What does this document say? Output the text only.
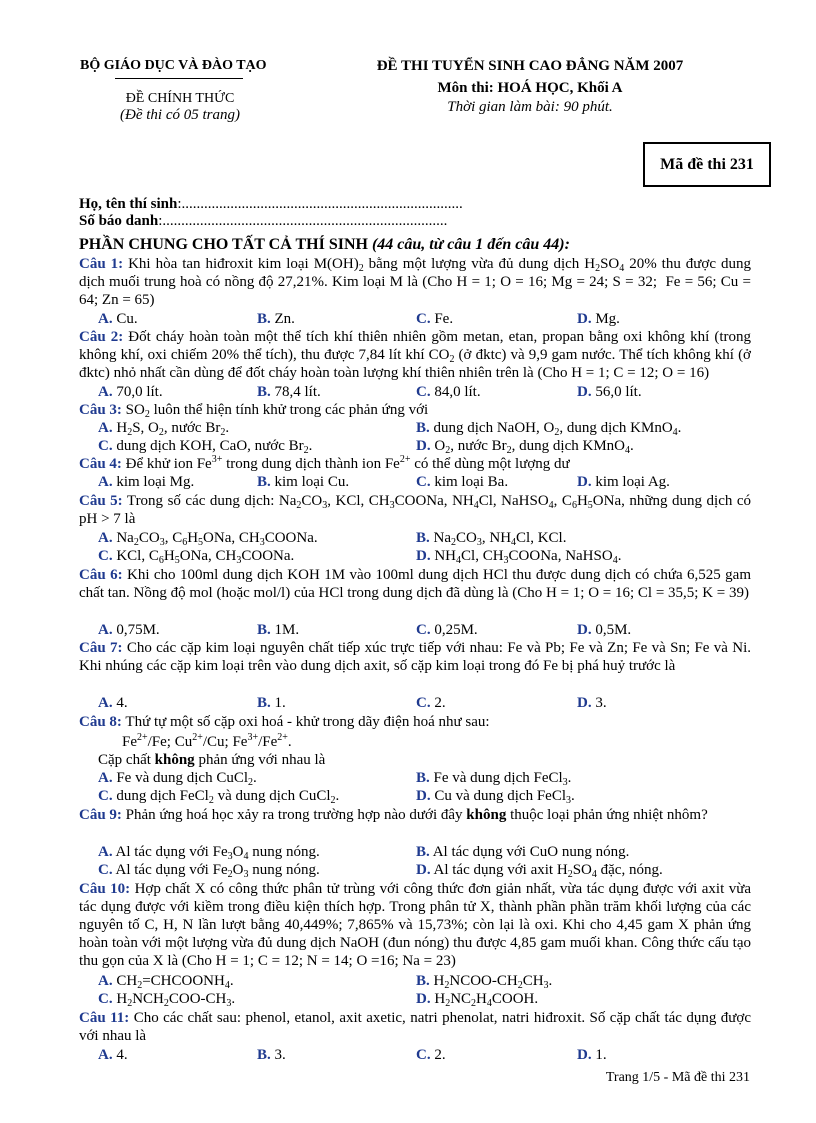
BỘ GIÁO DỤC VÀ ĐÀO TẠO
ĐỀ CHÍNH THỨC
(Đề thi có 05 trang)
ĐỀ THI TUYỂN SINH CAO ĐẲNG NĂM 2007
Môn thi: HOÁ HỌC, Khối A
Thời gian làm bài: 90 phút.
Mã đề thi 231
Họ, tên thí sinh:...........................................................................
Số báo danh:............................................................................
PHẦN CHUNG CHO TẤT CẢ THÍ SINH (44 câu, từ câu 1 đến câu 44):
Câu 1: Khi hòa tan hiđroxit kim loại $M(OH)_2$ bằng một lượng vừa đủ dung dịch $H_2SO_4$ 20% thu được dung dịch muối trung hoà có nồng độ 27,21%. Kim loại M là (Cho H = 1; O = 16; Mg = 24; S = 32;  Fe = 56; Cu = 64; Zn = 65)
A. Cu.	B. Zn.	C. Fe.	D. Mg.
Câu 2: Đốt cháy hoàn toàn một thể tích khí thiên nhiên gồm metan, etan, propan bằng oxi không khí (trong không khí, oxi chiếm 20% thể tích), thu được 7,84 lít khí $CO_2$ (ở đktc) và 9,9 gam nước. Thể tích không khí (ở đktc) nhỏ nhất cần dùng để đốt cháy hoàn toàn lượng khí thiên nhiên trên là (Cho H = 1; C = 12; O = 16)
A. 70,0 lít.	B. 78,4 lít.	C. 84,0 lít.	D. 56,0 lít.
Câu 3: $SO_2$ luôn thể hiện tính khử trong các phản ứng với
A. $H_2S$, $O_2$, nước $Br_2$.	B. dung dịch NaOH, $O_2$, dung dịch KMnO$_4$.
C. dung dịch KOH, CaO, nước $Br_2$.	D. $O_2$, nước $Br_2$, dung dịch KMnO$_4$.
Câu 4: Để khử ion $Fe^{3+}$ trong dung dịch thành ion $Fe^{2+}$ có thể dùng một lượng dư
A. kim loại Mg.	B. kim loại Cu.	C. kim loại Ba.	D. kim loại Ag.
Câu 5: Trong số các dung dịch: $Na_2CO_3$, KCl, $CH_3COONa$, $NH_4Cl$, NaHSO$_4$, $C_6H_5ONa$, những dung dịch có pH > 7 là
A. $Na_2CO_3$, $C_6H_5ONa$, $CH_3COONa$.	B. $Na_2CO_3$, $NH_4Cl$, KCl.
C. KCl, $C_6H_5ONa$, $CH_3COONa$.	D. $NH_4Cl$, $CH_3COONa$, NaHSO$_4$.
Câu 6: Khi cho 100ml dung dịch KOH 1M vào 100ml dung dịch HCl thu được dung dịch có chứa 6,525 gam chất tan. Nồng độ mol (hoặc mol/l) của HCl trong dung dịch đã dùng là (Cho H = 1; O = 16; Cl = 35,5; K = 39)
A. 0,75M.	B. 1M.	C. 0,25M.	D. 0,5M.
Câu 7: Cho các cặp kim loại nguyên chất tiếp xúc trực tiếp với nhau: Fe và Pb; Fe và Zn; Fe và Sn; Fe và Ni. Khi nhúng các cặp kim loại trên vào dung dịch axit, số cặp kim loại trong đó Fe bị phá huỷ trước là
A. 4.	B. 1.	C. 2.	D. 3.
Câu 8: Thứ tự một số cặp oxi hoá - khử trong dãy điện hoá như sau:
$Fe^{2+}/Fe$; $Cu^{2+}/Cu$; $Fe^{3+}/Fe^{2+}$.
Cặp chất không phản ứng với nhau là
A. Fe và dung dịch CuCl$_2$.	B. Fe và dung dịch FeCl$_3$.
C. dung dịch FeCl$_2$ và dung dịch CuCl$_2$.	D. Cu và dung dịch FeCl$_3$.
Câu 9: Phản ứng hoá học xảy ra trong trường hợp nào dưới đây không thuộc loại phản ứng nhiệt nhôm?
A. Al tác dụng với $Fe_3O_4$ nung nóng.	B. Al tác dụng với CuO nung nóng.
C. Al tác dụng với $Fe_2O_3$ nung nóng.	D. Al tác dụng với axit $H_2SO_4$ đặc, nóng.
Câu 10: Hợp chất X có công thức phân tử trùng với công thức đơn giản nhất, vừa tác dụng được với axit vừa tác dụng được với kiềm trong điều kiện thích hợp. Trong phân tử X, thành phần phần trăm khối lượng của các nguyên tố C, H, N lần lượt bằng 40,449%; 7,865% và 15,73%; còn lại là oxi. Khi cho 4,45 gam X phản ứng hoàn toàn với một lượng vừa đủ dung dịch NaOH (đun nóng) thu được 4,85 gam muối khan. Công thức cấu tạo thu gọn của X là (Cho H = 1; C = 12; N = 14; O =16; Na = 23)
A. $CH_2=CHCOONH_4$.	B. $H_2NCOO-CH_2CH_3$.
C. $H_2NCH_2COO-CH_3$.	D. $H_2NC_2H_4COOH$.
Câu 11: Cho các chất sau: phenol, etanol, axit axetic, natri phenolat, natri hiđroxit. Số cặp chất tác dụng được với nhau là
A. 4.	B. 3.	C. 2.	D. 1.
Trang 1/5 - Mã đề thi 231
